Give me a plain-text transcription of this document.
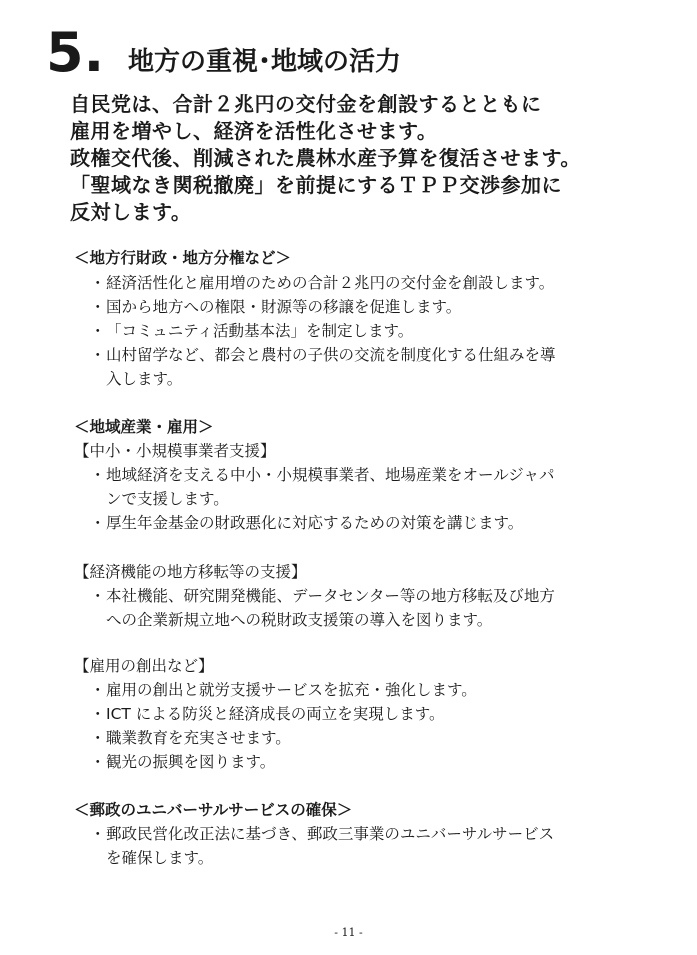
5. 地方の重視･地域の活力
自民党は、合計２兆円の交付金を創設するとともに
雇用を増やし、経済を活性化させます。
政権交代後、削減された農林水産予算を復活させます。
「聖域なき関税撤廃」を前提にするＴＰＰ交渉参加に
反対します。
＜地方行財政・地方分権など＞
・ 経済活性化と雇用増のための合計２兆円の交付金を創設します。
・ 国から地方への権限・財源等の移譲を促進します。
・ 「コミュニティ活動基本法」を制定します。
・ 山村留学など、都会と農村の子供の交流を制度化する仕組みを導
入します。
＜地域産業・雇用＞
【中小・小規模事業者支援】
・ 地域経済を支える中小・小規模事業者、地場産業をオールジャパ
ンで支援します。
・ 厚生年金基金の財政悪化に対応するための対策を講じます。
【経済機能の地方移転等の支援】
・ 本社機能、研究開発機能、データセンター等の地方移転及び地方
への企業新規立地への税財政支援策の導入を図ります。
【雇用の創出など】
・ 雇用の創出と就労支援サービスを拡充・強化します。
・ ICT による防災と経済成長の両立を実現します。
・ 職業教育を充実させます。
・ 観光の振興を図ります。
＜郵政のユニバーサルサービスの確保＞
・ 郵政民営化改正法に基づき、郵政三事業のユニバーサルサービス
を確保します。
- 11 -
